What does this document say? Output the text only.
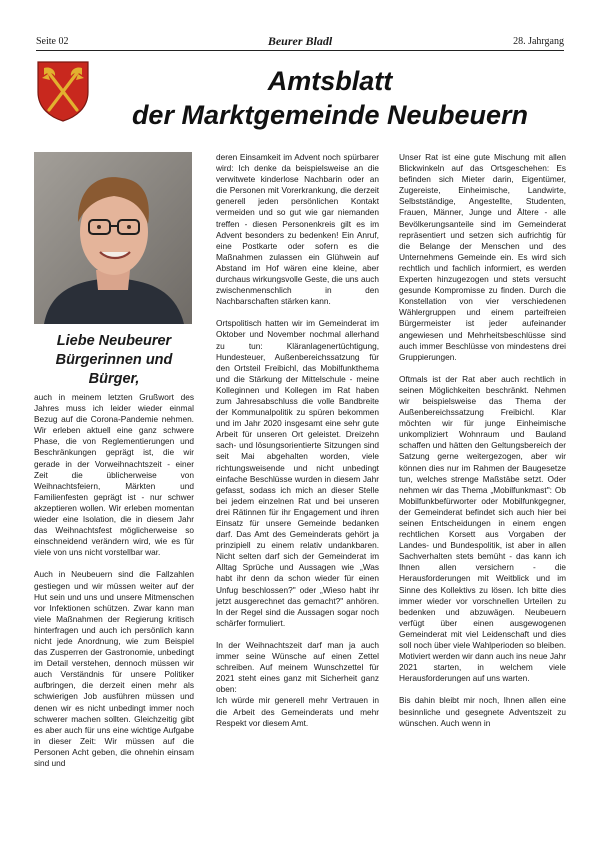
Seite 02	Beurer Bladl	28. Jahrgang
Amtsblatt
der Marktgemeinde Neubeuern
Liebe Neubeurer
Bürgerinnen und
Bürger,

auch in meinem letzten Grußwort des Jahres muss ich leider wieder einmal Bezug auf die Corona-Pandemie nehmen. Wir erleben aktuell eine ganz schwere Phase, die von Reglementierungen und Beschränkungen geprägt ist, die wir gerade in der Vorweihnachtszeit - einer Zeit die üblicherweise von Weihnachtsfeiern, Märkten und Familienfesten geprägt ist - nur schwer akzeptieren wollen. Wir erleben momentan wieder eine Isolation, die in diesem Jahr das Weihnachtsfest möglicherweise so einschneidend verändern wird, wie es für viele von uns nicht vorstellbar war.

Auch in Neubeuern sind die Fallzahlen gestiegen und wir müssen weiter auf der Hut sein und uns und unsere Mitmenschen vor Infektionen schützen. Zwar kann man viele Maßnahmen der Regierung kritisch hinterfragen und auch ich persönlich kann nicht jede Anordnung, wie zum Beispiel das Zusperren der Gastronomie, unbedingt im Detail verstehen, dennoch müssen wir auch Verständnis für unsere Politiker aufbringen, die derzeit einen mehr als schwierigen Job ausführen müssen und denen wir es nicht unbedingt immer noch schwerer machen sollten. Gleichzeitig gibt es aber auch für uns eine wichtige Aufgabe in dieser Zeit: Wir müssen auf die Personen Acht geben, die ohnehin einsam sind und

deren Einsamkeit im Advent noch spürbarer wird: Ich denke da beispielsweise an die verwitwete kinderlose Nachbarin oder an die Personen mit Vorerkrankung, die derzeit generell jeden persönlichen Kontakt vermeiden und so gut wie gar niemanden treffen - diesen Personenkreis gilt es im Advent besonders zu bedenken! Ein Anruf, eine Postkarte oder sofern es die Maßnahmen zulassen ein Glühwein auf Abstand im Hof wären eine kleine, aber durchaus wirkungsvolle Geste, die uns auch zwischenmenschlich in den Nachbarschaften stärken kann.

Ortspolitisch hatten wir im Gemeinderat im Oktober und November nochmal allerhand zu tun: Kläranlagenertüchtigung, Hundesteuer, Außenbereichssatzung für den Ortsteil Freibichl, das Mobilfunkthema und die Stärkung der Mittelschule - meine Kolleginnen und Kollegen im Rat haben zum Jahresabschluss die volle Bandbreite der Kommunalpolitik zu spüren bekommen und im Jahr 2020 insgesamt eine sehr gute Arbeit für unseren Ort geleistet. Dreizehn sach- und lösungsorientierte Sitzungen sind seit Mai abgehalten worden, viele richtungsweisende und nicht unbedingt einfache Beschlüsse wurden in diesem Jahr gefasst, sodass ich mich an dieser Stelle bei jedem einzelnen Rat und bei unseren drei Rätinnen für ihr Engagement und ihren Einsatz für unsere Gemeinde bedanken darf. Das Amt des Gemeinderats gehört ja prinzipiell zu einem relativ undankbaren. Nicht selten darf sich der Gemeinderat im Alltag Sprüche und Aussagen wie „Was habt ihr denn da schon wieder für einen Unfug beschlossen?" oder „Wieso habt ihr jetzt ausgerechnet das gemacht?" anhören. In der Regel sind die Aussagen sogar noch schärfer formuliert.

In der Weihnachtszeit darf man ja auch immer seine Wünsche auf einen Zettel schreiben. Auf meinem Wunschzettel für 2021 steht eines ganz mit Sicherheit ganz oben:

Ich würde mir generell mehr Vertrauen in die Arbeit des Gemeinderats und mehr Respekt vor diesem Amt.

Unser Rat ist eine gute Mischung mit allen Blickwinkeln auf das Ortsgeschehen: Es befinden sich Mieter darin, Eigentümer, Zugereiste, Einheimische, Landwirte, Selbstständige, Angestellte, Studenten, Frauen, Männer, Junge und Ältere - alle Bevölkerungsanteile sind im Gemeinderat repräsentiert und setzen sich aufrichtig für die Belange der Menschen und des Unternehmens Gemeinde ein. Es wird sich rechtlich und fachlich informiert, es werden Experten hinzugezogen und stets versucht gesunde Kompromisse zu finden. Durch die Konstellation von vier verschiedenen Wählergruppen und einem parteifreien Bürgermeister ist jeder aufeinander angewiesen und Mehrheitsbeschlüsse sind auch immer Beschlüsse von mindestens drei Gruppierungen.

Oftmals ist der Rat aber auch rechtlich in seinen Möglichkeiten beschränkt. Nehmen wir beispielsweise das Thema der Außenbereichssatzung Freibichl. Klar möchten wir für junge Einheimische unkompliziert Wohnraum und Bauland schaffen und hätten den Geltungsbereich der Satzung gerne weitergezogen, aber wir können dies nur im Rahmen der Baugesetze tun, welches strenge Maßstäbe setzt. Oder nehmen wir das Thema „Mobilfunkmast": Ob Mobilfunkbefürworter oder Mobilfunkgegner, der Gemeinderat befindet sich auch hier bei seinen Entscheidungen in einem engen rechtlichen Korsett aus Vorgaben der Landes- und Bundespolitik, ist aber in allen Sachverhalten stets bemüht - das kann ich Ihnen allen versichern - die Herausforderungen mit Weitblick und im Sinne des Kollektivs zu lösen. Ich bitte dies immer wieder vor vorschnellen Urteilen zu bedenken und abzuwägen. Neubeuern verfügt über einen ausgewogenen Gemeinderat mit viel Leidenschaft und dies soll noch über viele Wahlperioden so bleiben. Motiviert werden wir dann auch ins neue Jahr 2021 starten, in welchem viele Herausforderungen auf uns warten.

Bis dahin bleibt mir noch, Ihnen allen eine besinnliche und gesegnete Adventszeit zu wünschen. Auch wenn in
